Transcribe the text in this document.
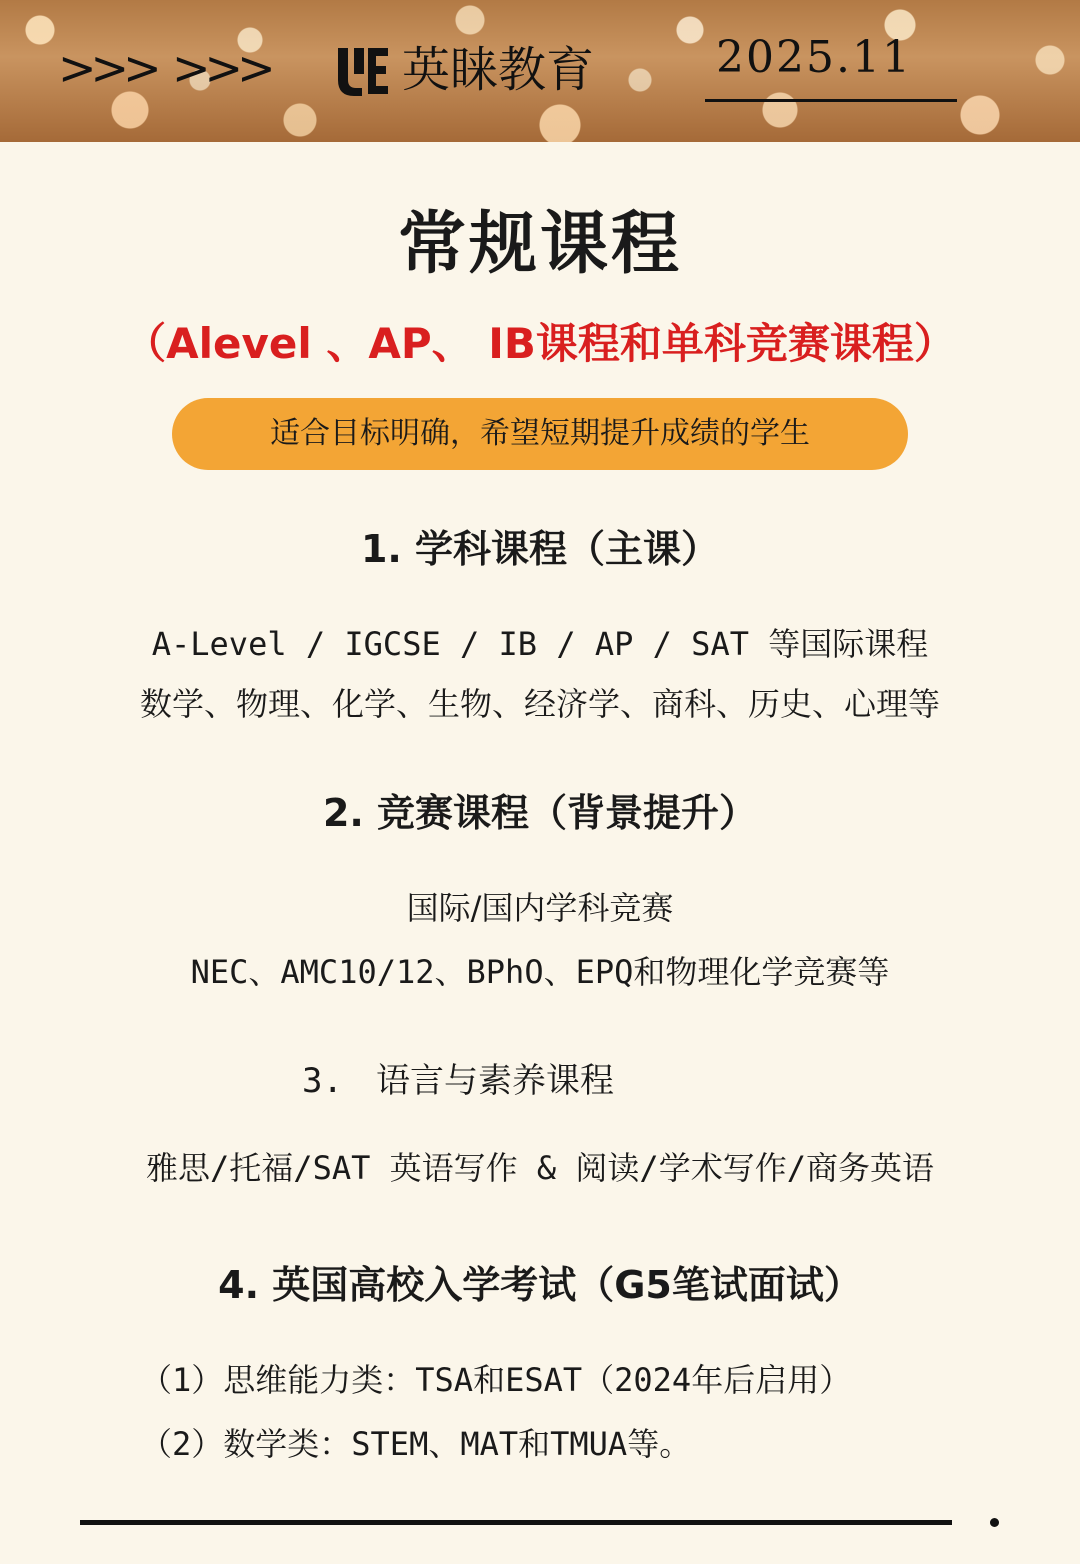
>>> >>>	英睐教育	2025.11
常规课程
（Alevel 、AP、 IB课程和单科竞赛课程）
适合目标明确，希望短期提升成绩的学生
1. 学科课程（主课）
A-Level / IGCSE / IB / AP / SAT 等国际课程
数学、物理、化学、生物、经济学、商科、历史、心理等
2. 竞赛课程（背景提升）
国际/国内学科竞赛
NEC、AMC10/12、BPhO、EPQ和物理化学竞赛等
3. 语言与素养课程
雅思/托福/SAT 英语写作 & 阅读/学术写作/商务英语
4. 英国高校入学考试（G5笔试面试）
（1）思维能力类：TSA和ESAT（2024年后启用）
（2）数学类：STEM、MAT和TMUA等。
